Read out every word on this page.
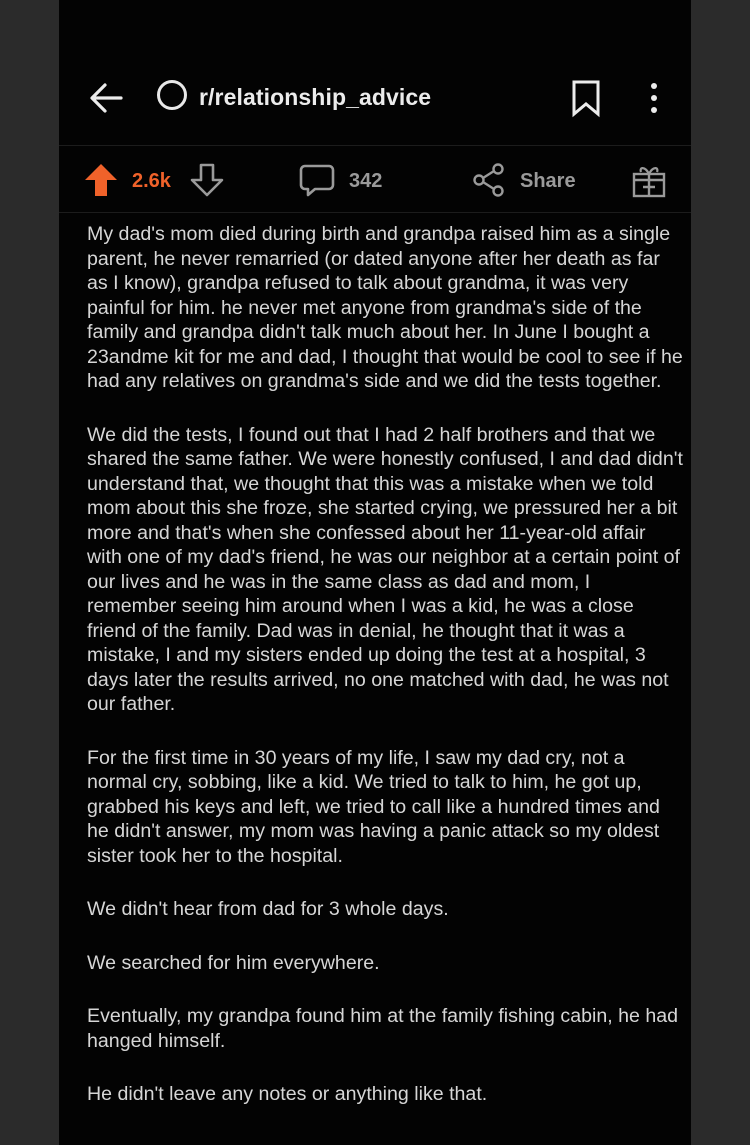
r/relationship_advice
2.6k	342	Share

My dad's mom died during birth and grandpa raised him as a single parent, he never remarried (or dated anyone after her death as far as I know), grandpa refused to talk about grandma, it was very painful for him. he never met anyone from grandma's side of the family and grandpa didn't talk much about her. In June I bought a 23andme kit for me and dad, I thought that would be cool to see if he had any relatives on grandma's side and we did the tests together.

We did the tests, I found out that I had 2 half brothers and that we shared the same father. We were honestly confused, I and dad didn't understand that, we thought that this was a mistake when we told mom about this she froze, she started crying, we pressured her a bit more and that's when she confessed about her 11-year-old affair with one of my dad's friend, he was our neighbor at a certain point of our lives and he was in the same class as dad and mom, I remember seeing him around when I was a kid, he was a close friend of the family. Dad was in denial, he thought that it was a mistake, I and my sisters ended up doing the test at a hospital, 3 days later the results arrived, no one matched with dad, he was not our father.

For the first time in 30 years of my life, I saw my dad cry, not a normal cry, sobbing, like a kid. We tried to talk to him, he got up, grabbed his keys and left, we tried to call like a hundred times and he didn't answer, my mom was having a panic attack so my oldest sister took her to the hospital.

We didn't hear from dad for 3 whole days.

We searched for him everywhere.

Eventually, my grandpa found him at the family fishing cabin, he had hanged himself.

He didn't leave any notes or anything like that.
